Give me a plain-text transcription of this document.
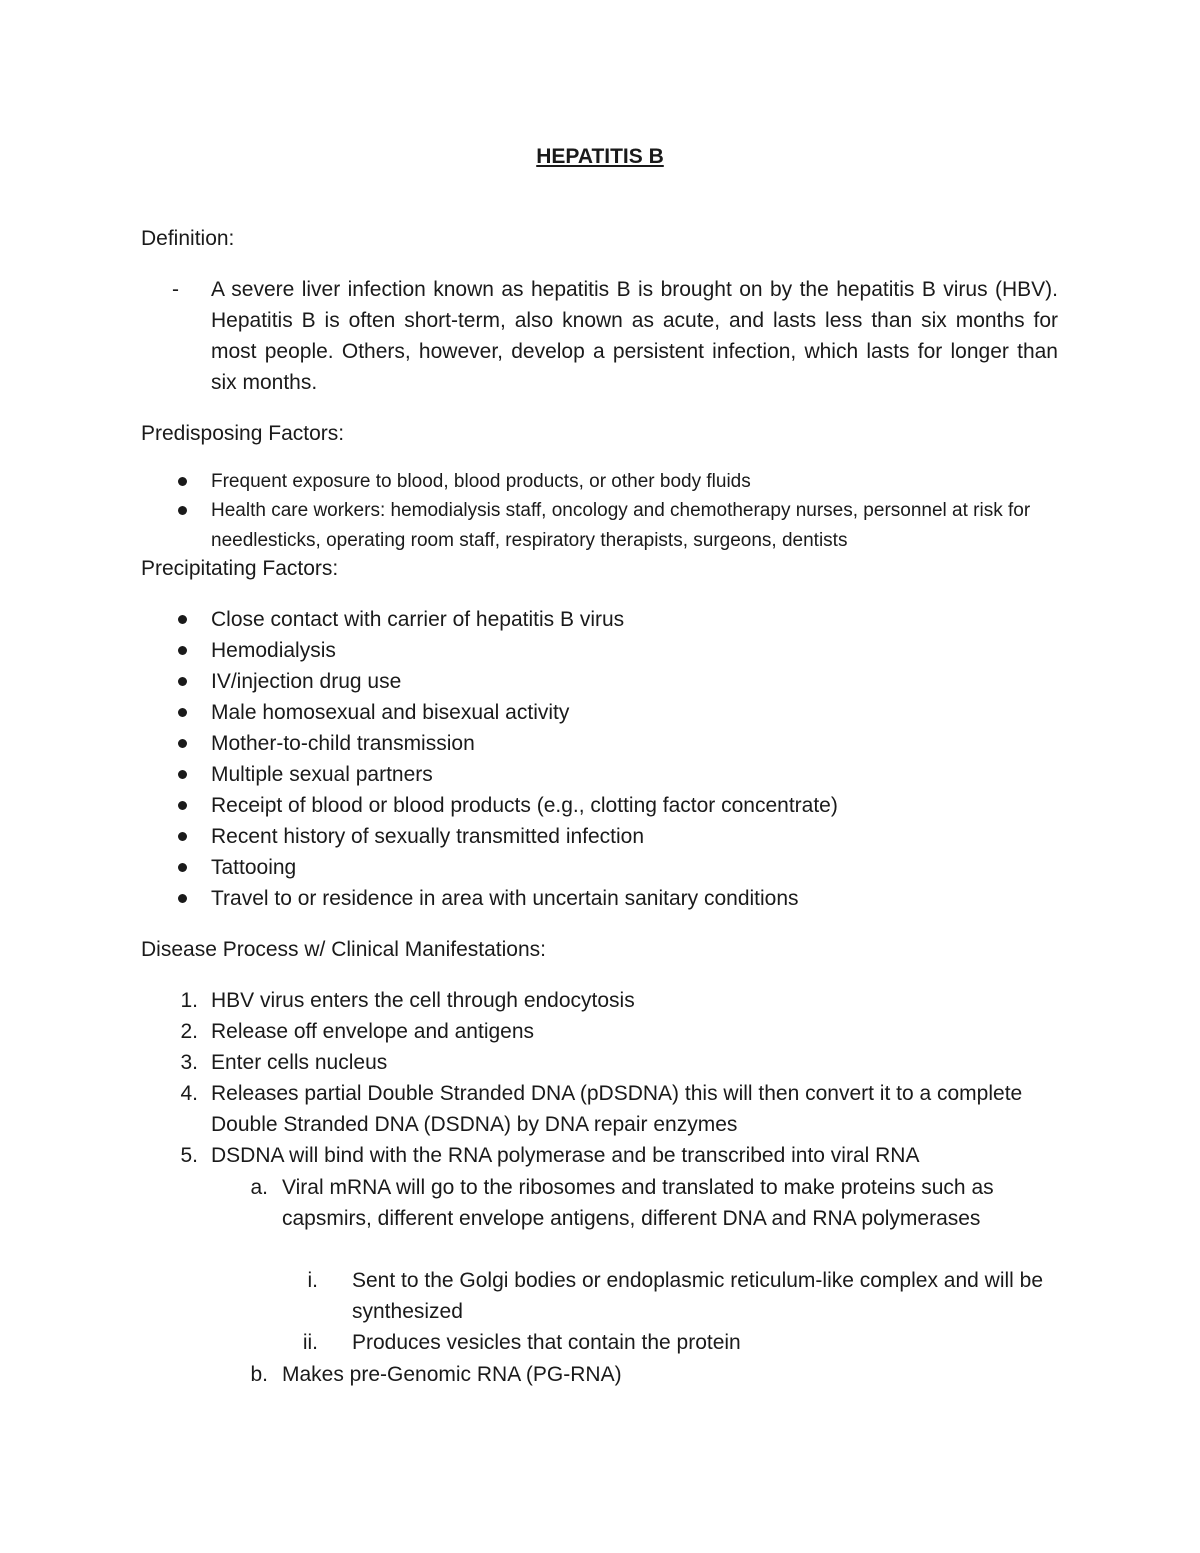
HEPATITIS B
Definition:
- A severe liver infection known as hepatitis B is brought on by the hepatitis B virus (HBV). Hepatitis B is often short-term, also known as acute, and lasts less than six months for most people. Others, however, develop a persistent infection, which lasts for longer than six months.
Predisposing Factors:
Frequent exposure to blood, blood products, or other body fluids
Health care workers: hemodialysis staff, oncology and chemotherapy nurses, personnel at risk for needlesticks, operating room staff, respiratory therapists, surgeons, dentists
Precipitating Factors:
Close contact with carrier of hepatitis B virus
Hemodialysis
IV/injection drug use
Male homosexual and bisexual activity
Mother-to-child transmission
Multiple sexual partners
Receipt of blood or blood products (e.g., clotting factor concentrate)
Recent history of sexually transmitted infection
Tattooing
Travel to or residence in area with uncertain sanitary conditions
Disease Process w/ Clinical Manifestations:
1. HBV virus enters the cell through endocytosis
2. Release off envelope and antigens
3. Enter cells nucleus
4. Releases partial Double Stranded DNA (pDSDNA) this will then convert it to a complete Double Stranded DNA (DSDNA) by DNA repair enzymes
5. DSDNA will bind with the RNA polymerase and be transcribed into viral RNA
a. Viral mRNA will go to the ribosomes and translated to make proteins such as capsmirs, different envelope antigens, different DNA and RNA polymerases
i. Sent to the Golgi bodies or endoplasmic reticulum-like complex and will be synthesized
ii. Produces vesicles that contain the protein
b. Makes pre-Genomic RNA (PG-RNA)
